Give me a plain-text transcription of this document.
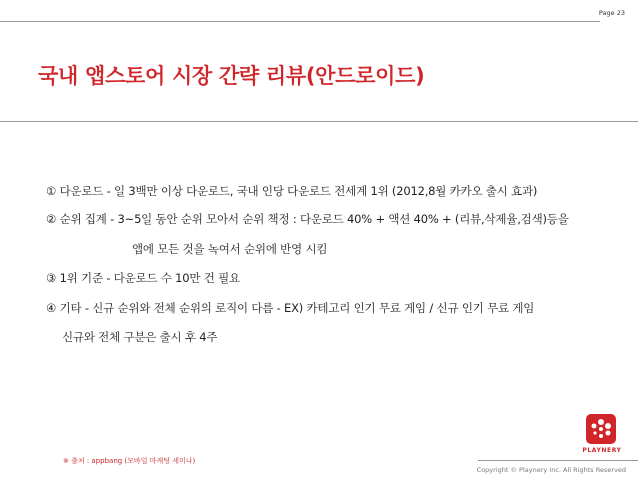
Page 23
국내 앱스토어 시장 간략 리뷰(안드로이드)
① 다운로드 - 일 3백만 이상 다운로드, 국내 인당 다운로드 전세계 1위 (2012,8월 카카오 출시 효과)
② 순위 집계 - 3~5일 동안 순위 모아서 순위 책정 : 다운로드 40% + 액션 40% + (리뷰,삭제율,검색)등을
앱에 모든 것을 녹여서 순위에 반영 시킴
③ 1위 기준 - 다운로드 수 10만 건 필요
④ 기타 - 신규 순위와 전체 순위의 로직이 다름 - EX) 카테고리 인기 무료 게임 / 신규 인기 무료 게임
신규와 전체 구분은 출시 후 4주
※ 출처 : appbang (모바일 마케팅 세미나)
PLAYNERY
Copyright © Playnery Inc. All Rights Reserved
